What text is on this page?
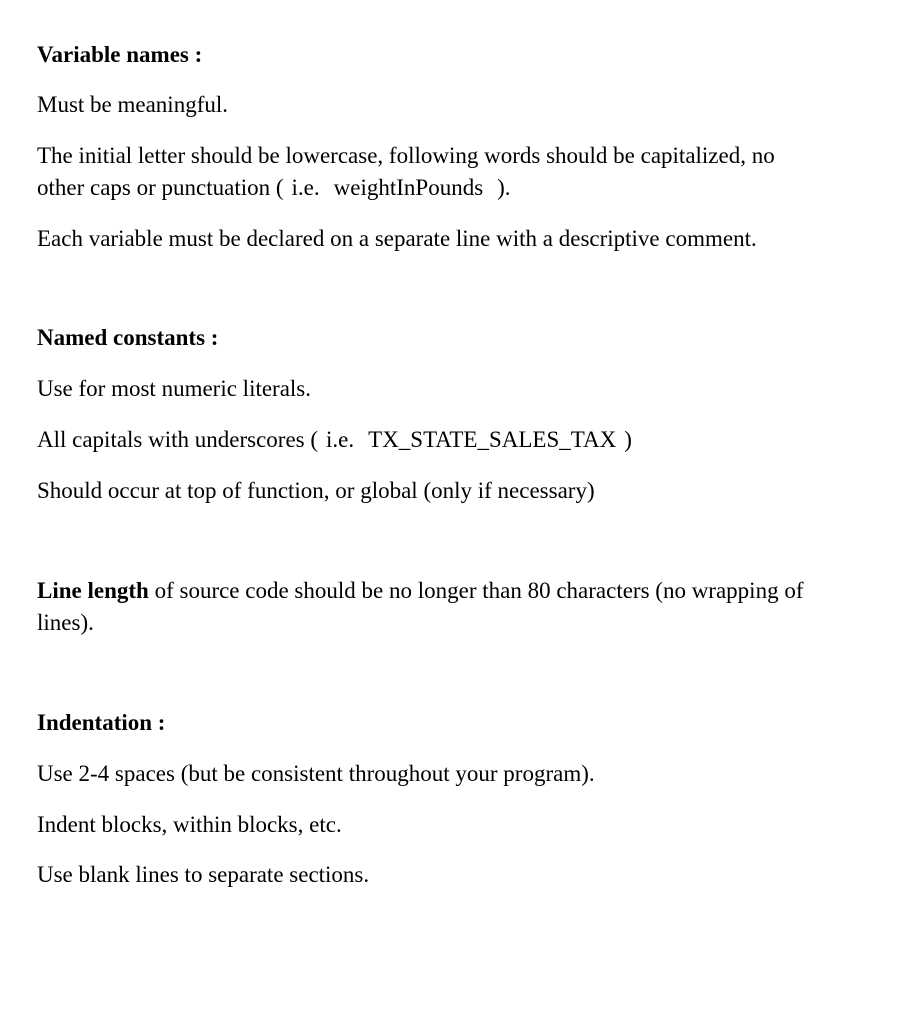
Variable names :

Must be meaningful.

The initial letter should be lowercase, following words should be capitalized, no

other caps or punctuation ( i.e. weightInPounds ).

Each variable must be declared on a separate line with a descriptive comment.

Named constants :

Use for most numeric literals.

All capitals with underscores ( i.e. TX_STATE_SALES_TAX )

Should occur at top of function, or global (only if necessary)

Line length of source code should be no longer than 80 characters (no wrapping of

lines).

Indentation :

Use 2-4 spaces (but be consistent throughout your program).

Indent blocks, within blocks, etc.

Use blank lines to separate sections.
